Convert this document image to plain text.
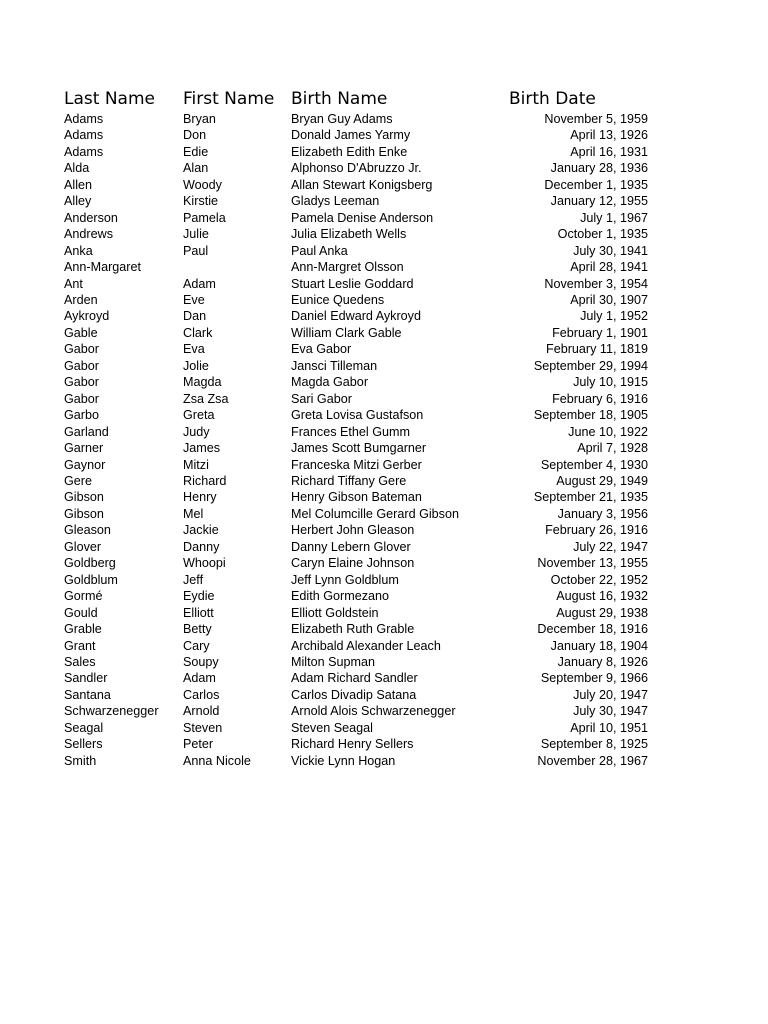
Last Name	First Name	Birth Name	Birth Date
Adams	Bryan	Bryan Guy Adams	November 5, 1959
Adams	Don	Donald James Yarmy	April 13, 1926
Adams	Edie	Elizabeth Edith Enke	April 16, 1931
Alda	Alan	Alphonso D'Abruzzo Jr.	January 28, 1936
Allen	Woody	Allan Stewart Konigsberg	December 1, 1935
Alley	Kirstie	Gladys Leeman	January 12, 1955
Anderson	Pamela	Pamela Denise Anderson	July 1, 1967
Andrews	Julie	Julia Elizabeth Wells	October 1, 1935
Anka	Paul	Paul Anka	July 30, 1941
Ann-Margaret		Ann-Margret Olsson	April 28, 1941
Ant	Adam	Stuart Leslie Goddard	November 3, 1954
Arden	Eve	Eunice Quedens	April 30, 1907
Aykroyd	Dan	Daniel Edward Aykroyd	July 1, 1952
Gable	Clark	William Clark Gable	February 1, 1901
Gabor	Eva	Eva Gabor	February 11, 1819
Gabor	Jolie	Jansci Tilleman	September 29, 1994
Gabor	Magda	Magda Gabor	July 10, 1915
Gabor	Zsa Zsa	Sari Gabor	February 6, 1916
Garbo	Greta	Greta Lovisa Gustafson	September 18, 1905
Garland	Judy	Frances Ethel Gumm	June 10, 1922
Garner	James	James Scott Bumgarner	April 7, 1928
Gaynor	Mitzi	Franceska Mitzi Gerber	September 4, 1930
Gere	Richard	Richard Tiffany Gere	August 29, 1949
Gibson	Henry	Henry Gibson Bateman	September 21, 1935
Gibson	Mel	Mel Columcille Gerard Gibson	January 3, 1956
Gleason	Jackie	Herbert John Gleason	February 26, 1916
Glover	Danny	Danny Lebern Glover	July 22, 1947
Goldberg	Whoopi	Caryn Elaine Johnson	November 13, 1955
Goldblum	Jeff	Jeff Lynn Goldblum	October 22, 1952
Gormé	Eydie	Edith Gormezano	August 16, 1932
Gould	Elliott	Elliott Goldstein	August 29, 1938
Grable	Betty	Elizabeth Ruth Grable	December 18, 1916
Grant	Cary	Archibald Alexander Leach	January 18, 1904
Sales	Soupy	Milton Supman	January 8, 1926
Sandler	Adam	Adam Richard Sandler	September 9, 1966
Santana	Carlos	Carlos Divadip Satana	July 20, 1947
Schwarzenegger	Arnold	Arnold Alois Schwarzenegger	July 30, 1947
Seagal	Steven	Steven Seagal	April 10, 1951
Sellers	Peter	Richard Henry Sellers	September 8, 1925
Smith	Anna Nicole	Vickie Lynn Hogan	November 28, 1967
